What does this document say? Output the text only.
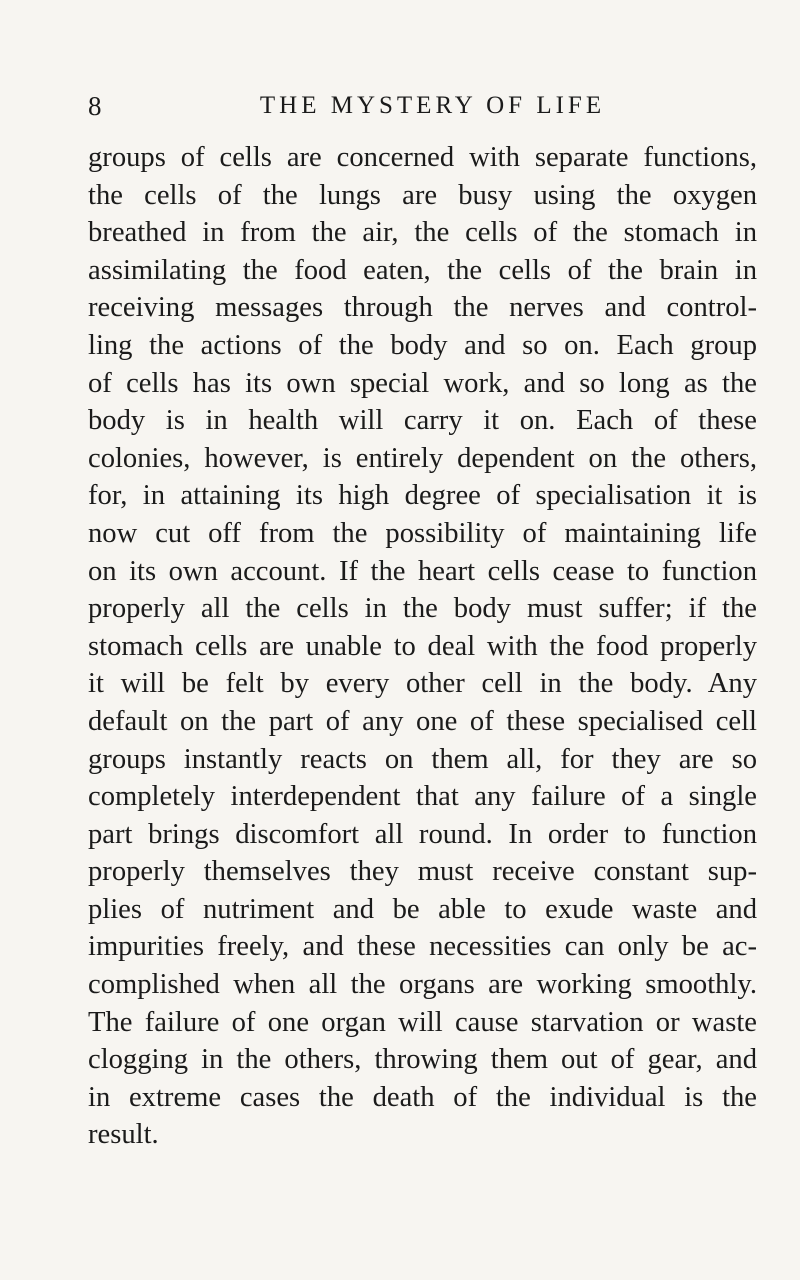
8	THE MYSTERY OF LIFE
groups of cells are concerned with separate functions,
the cells of the lungs are busy using the oxygen
breathed in from the air, the cells of the stomach in
assimilating the food eaten, the cells of the brain in
receiving messages through the nerves and control-
ling the actions of the body and so on. Each group
of cells has its own special work, and so long as the
body is in health will carry it on. Each of these
colonies, however, is entirely dependent on the others,
for, in attaining its high degree of specialisation it is
now cut off from the possibility of maintaining life
on its own account. If the heart cells cease to function
properly all the cells in the body must suffer; if the
stomach cells are unable to deal with the food properly
it will be felt by every other cell in the body. Any
default on the part of any one of these specialised cell
groups instantly reacts on them all, for they are so
completely interdependent that any failure of a single
part brings discomfort all round. In order to function
properly themselves they must receive constant sup-
plies of nutriment and be able to exude waste and
impurities freely, and these necessities can only be ac-
complished when all the organs are working smoothly.
The failure of one organ will cause starvation or waste
clogging in the others, throwing them out of gear, and
in extreme cases the death of the individual is the
result.
